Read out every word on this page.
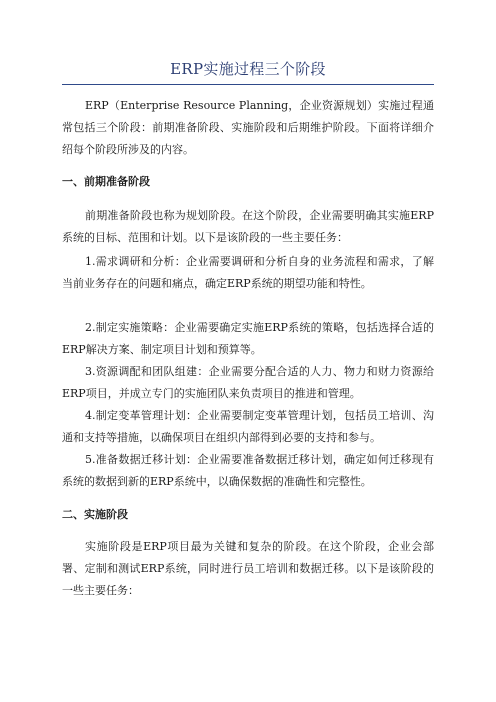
ERP实施过程三个阶段

ERP（Enterprise Resource Planning，企业资源规划）实施过程通常包括三个阶段：前期准备阶段、实施阶段和后期维护阶段。下面将详细介绍每个阶段所涉及的内容。

一、前期准备阶段

前期准备阶段也称为规划阶段。在这个阶段，企业需要明确其实施ERP系统的目标、范围和计划。以下是该阶段的一些主要任务：

1.需求调研和分析：企业需要调研和分析自身的业务流程和需求，了解当前业务存在的问题和痛点，确定ERP系统的期望功能和特性。

2.制定实施策略：企业需要确定实施ERP系统的策略，包括选择合适的ERP解决方案、制定项目计划和预算等。

3.资源调配和团队组建：企业需要分配合适的人力、物力和财力资源给ERP项目，并成立专门的实施团队来负责项目的推进和管理。

4.制定变革管理计划：企业需要制定变革管理计划，包括员工培训、沟通和支持等措施，以确保项目在组织内部得到必要的支持和参与。

5.准备数据迁移计划：企业需要准备数据迁移计划，确定如何迁移现有系统的数据到新的ERP系统中，以确保数据的准确性和完整性。

二、实施阶段

实施阶段是ERP项目最为关键和复杂的阶段。在这个阶段，企业会部署、定制和测试ERP系统，同时进行员工培训和数据迁移。以下是该阶段的一些主要任务：
